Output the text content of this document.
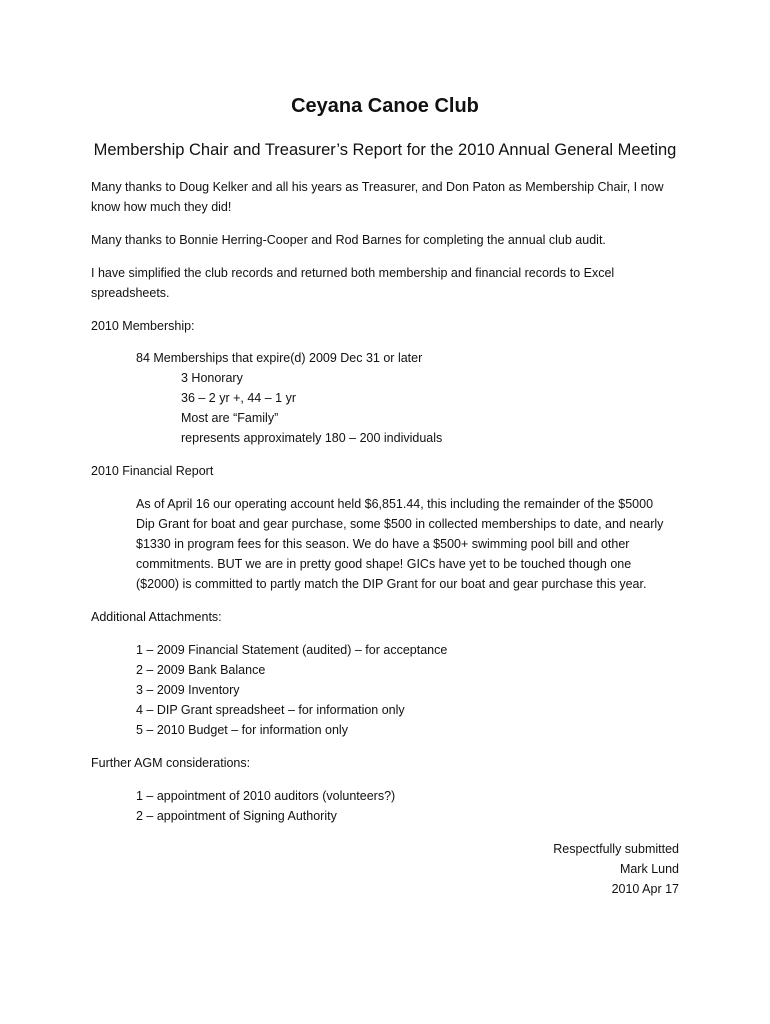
Ceyana Canoe Club
Membership Chair and Treasurer’s Report for the 2010 Annual General Meeting

Many thanks to Doug Kelker and all his years as Treasurer, and Don Paton as Membership Chair, I now

know how much they did!

Many thanks to Bonnie Herring-Cooper and Rod Barnes for completing the annual club audit.

I have simplified the club records and returned both membership and financial records to Excel

spreadsheets.

2010 Membership:

84 Memberships that expire(d) 2009 Dec 31 or later

3 Honorary

36 – 2 yr +, 44 – 1 yr

Most are “Family”

represents approximately 180 – 200 individuals

2010 Financial Report

As of April 16 our operating account held $6,851.44, this including the remainder of the $5000

Dip Grant for boat and gear purchase, some $500 in collected memberships to date, and nearly

$1330 in program fees for this season. We do have a $500+ swimming pool bill and other

commitments. BUT we are in pretty good shape! GICs have yet to be touched though one

($2000) is committed to partly match the DIP Grant for our boat and gear purchase this year.

Additional Attachments:

1 – 2009 Financial Statement (audited) – for acceptance

2 – 2009 Bank Balance

3 – 2009 Inventory

4 – DIP Grant spreadsheet – for information only

5 – 2010 Budget – for information only

Further AGM considerations:

1 – appointment of 2010 auditors (volunteers?)

2 – appointment of Signing Authority

Respectfully submitted

Mark Lund

2010 Apr 17
